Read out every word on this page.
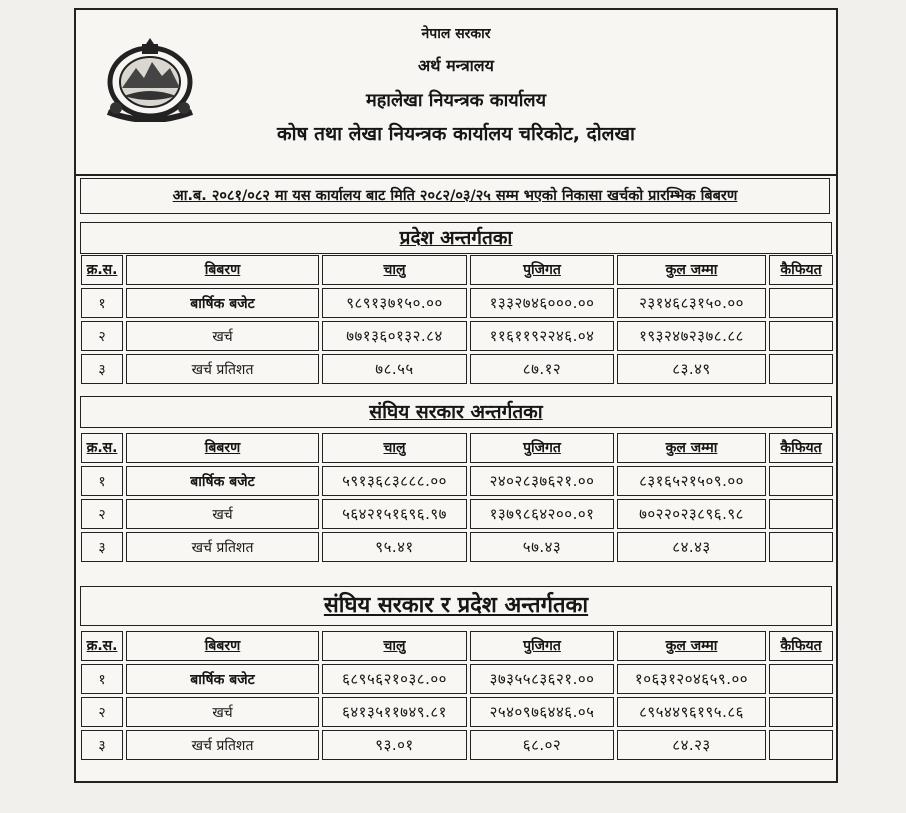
नेपाल सरकार
अर्थ मन्त्रालय
महालेखा नियन्त्रक कार्यालय
कोष तथा लेखा नियन्त्रक कार्यालय चरिकोट, दोलखा
आ.ब. २०८१/०८२ मा यस कार्यालय बाट मिति २०८२/०३/२५ सम्म भएको निकासा खर्चको प्रारम्भिक बिबरण
प्रदेश अन्तर्गतका
क्र.स.	बिबरण	चालु	पुजिगत	कुल जम्मा	कैफियत
१	बार्षिक बजेट	९८९१३७१५०.००	१३३२७४६०००.००	२३१४६८३१५०.००	
२	खर्च	७७१३६०१३२.८४	११६११९२२४६.०४	१९३२४७२३७८.८८	
३	खर्च प्रतिशत	७८.५५	८७.१२	८३.४९	
संघिय सरकार अन्तर्गतका
क्र.स.	बिबरण	चालु	पुजिगत	कुल जम्मा	कैफियत
१	बार्षिक बजेट	५९१३६८३८८८.००	२४०२८३७६२१.००	८३१६५२१५०९.००	
२	खर्च	५६४२१५१६९६.९७	१३७९८६४२००.०१	७०२२०२३८९६.९८	
३	खर्च प्रतिशत	९५.४१	५७.४३	८४.४३	
संघिय सरकार र प्रदेश अन्तर्गतका
क्र.स.	बिबरण	चालु	पुजिगत	कुल जम्मा	कैफियत
१	बार्षिक बजेट	६८९५६२१०३८.००	३७३५५८३६२१.००	१०६३१२०४६५९.००	
२	खर्च	६४१३५११७४९.८१	२५४०९७६४४६.०५	८९५४४९६१९५.८६	
३	खर्च प्रतिशत	९३.०१	६८.०२	८४.२३	
